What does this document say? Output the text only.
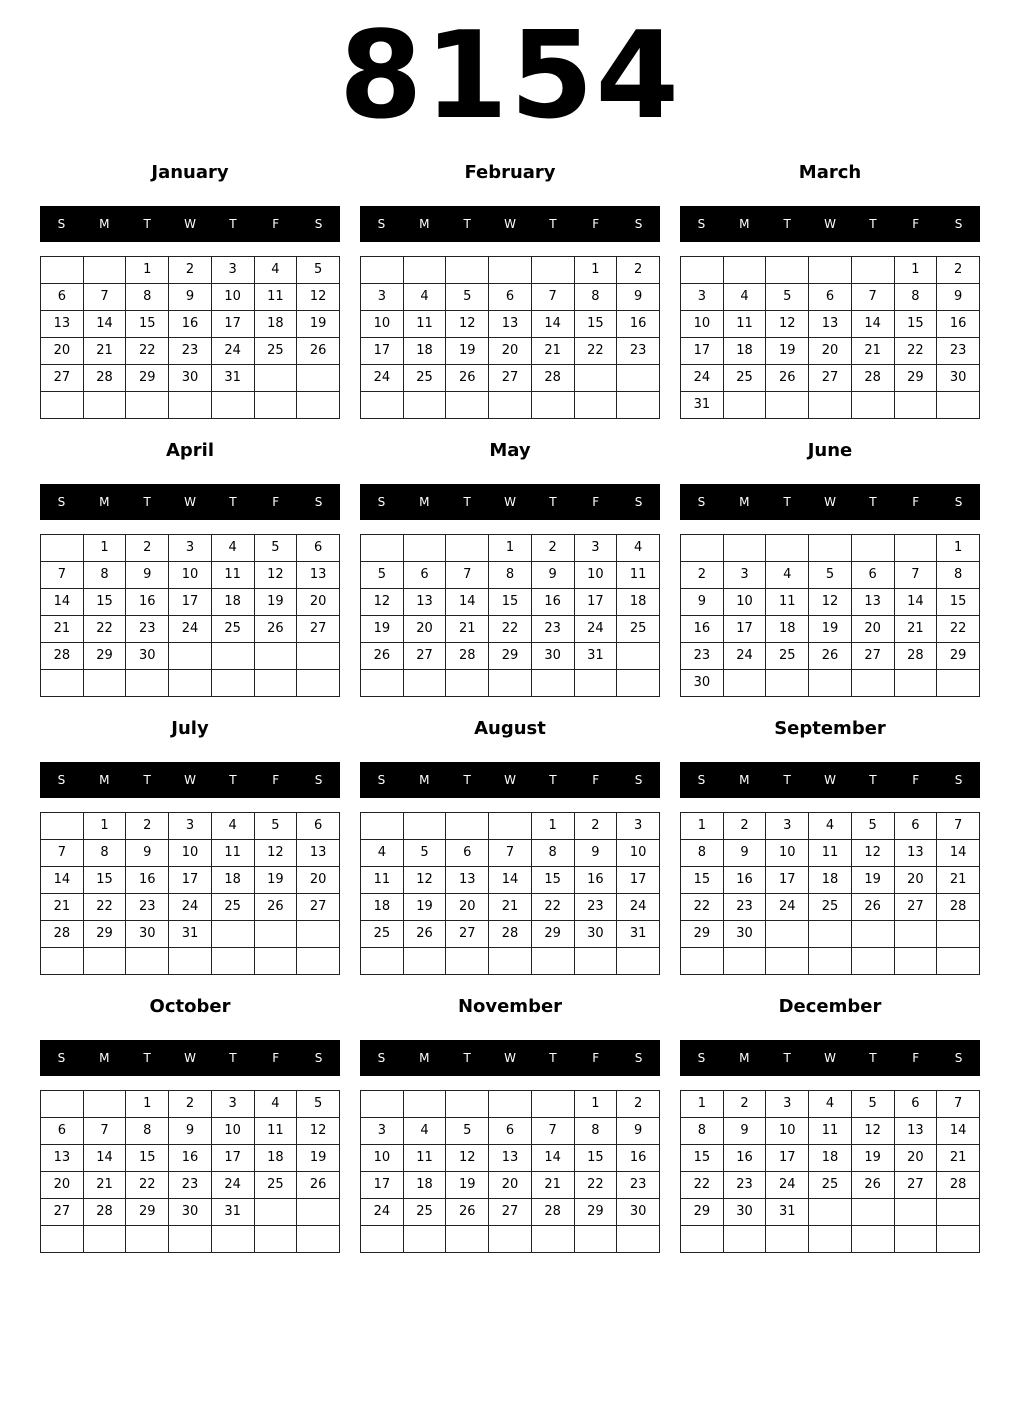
8154
January
S	M	T	W	T	F	S
		1	2	3	4	5
6	7	8	9	10	11	12
13	14	15	16	17	18	19
20	21	22	23	24	25	26
27	28	29	30	31		

February
S	M	T	W	T	F	S
					1	2
3	4	5	6	7	8	9
10	11	12	13	14	15	16
17	18	19	20	21	22	23
24	25	26	27	28		

March
S	M	T	W	T	F	S
					1	2
3	4	5	6	7	8	9
10	11	12	13	14	15	16
17	18	19	20	21	22	23
24	25	26	27	28	29	30
31						
April
S	M	T	W	T	F	S
	1	2	3	4	5	6
7	8	9	10	11	12	13
14	15	16	17	18	19	20
21	22	23	24	25	26	27
28	29	30				

May
S	M	T	W	T	F	S
			1	2	3	4
5	6	7	8	9	10	11
12	13	14	15	16	17	18
19	20	21	22	23	24	25
26	27	28	29	30	31	

June
S	M	T	W	T	F	S
						1
2	3	4	5	6	7	8
9	10	11	12	13	14	15
16	17	18	19	20	21	22
23	24	25	26	27	28	29
30						
July
S	M	T	W	T	F	S
	1	2	3	4	5	6
7	8	9	10	11	12	13
14	15	16	17	18	19	20
21	22	23	24	25	26	27
28	29	30	31			

August
S	M	T	W	T	F	S
				1	2	3
4	5	6	7	8	9	10
11	12	13	14	15	16	17
18	19	20	21	22	23	24
25	26	27	28	29	30	31

September
S	M	T	W	T	F	S
1	2	3	4	5	6	7
8	9	10	11	12	13	14
15	16	17	18	19	20	21
22	23	24	25	26	27	28
29	30					

October
S	M	T	W	T	F	S
		1	2	3	4	5
6	7	8	9	10	11	12
13	14	15	16	17	18	19
20	21	22	23	24	25	26
27	28	29	30	31		

November
S	M	T	W	T	F	S
					1	2
3	4	5	6	7	8	9
10	11	12	13	14	15	16
17	18	19	20	21	22	23
24	25	26	27	28	29	30

December
S	M	T	W	T	F	S
1	2	3	4	5	6	7
8	9	10	11	12	13	14
15	16	17	18	19	20	21
22	23	24	25	26	27	28
29	30	31				
